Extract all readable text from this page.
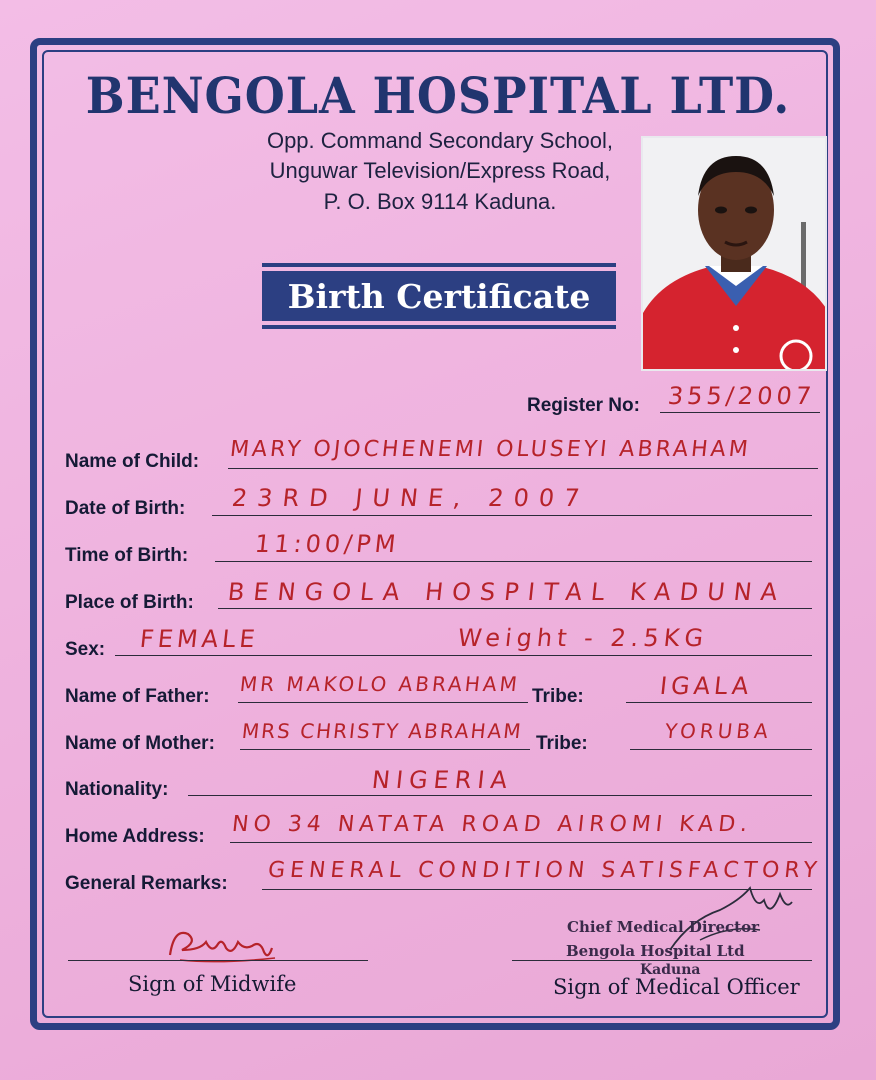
BENGOLA HOSPITAL LTD.
Opp. Command Secondary School,
Unguwar Television/Express Road,
P. O. Box 9114 Kaduna.
Birth Certificate
Register No: 355/2007
Name of Child: MARY OJOCHENEMI OLUSEYI ABRAHAM
Date of Birth: 23RD JUNE, 2007
Time of Birth:	11:00/PM
Place of Birth: BENGOLA HOSPITAL KADUNA
Sex: FEMALE	Weight - 2.5KG
Name of Father:
MR MAKOLO ABRAHAM
Tribe:	IGALA
Name of Mother:
MRS CHRISTY ABRAHAM
Tribe:
YORUBA
Nationality:	NIGERIA
Home Address: NO 34 NATATA ROAD AIROMI KAD.
General Remarks:
GENERAL CONDITION SATISFACTORY
Sign of Midwife
Chief Medical Director
Bengola Hospital Ltd
Kaduna
Sign of Medical Officer
